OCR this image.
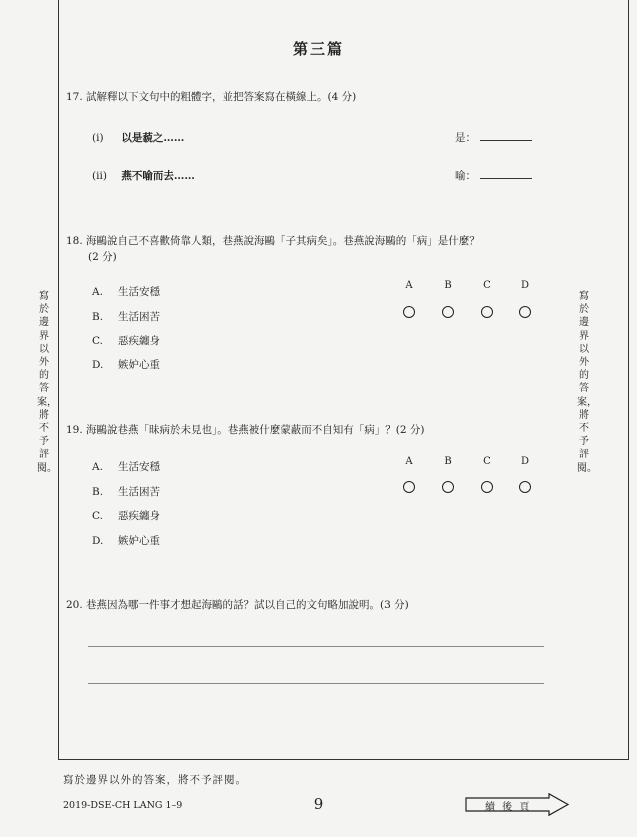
寫於邊界以外的答案，將不予評閱。
寫於邊界以外的答案，將不予評閱。
第三篇
17. 試解釋以下文句中的粗體字，並把答案寫在橫線上。(4 分)
(i) 以是藐之……	是：
(ii) 燕不喻而去……	喻：
18. 海鷗說自己不喜歡倚靠人類，巷燕說海鷗「子其病矣」。巷燕說海鷗的「病」是什麼？
(2 分)
A. 生活安穩
B. 生活困苦
C. 惡疾纏身
D. 嫉妒心重
A	B	C	D
19. 海鷗說巷燕「昧病於未見也」。巷燕被什麼蒙蔽而不自知有「病」？(2 分)
A. 生活安穩
B. 生活困苦
C. 惡疾纏身
D. 嫉妒心重
A	B	C	D
20. 巷燕因為哪一件事才想起海鷗的話？試以自己的文句略加說明。(3 分)
寫於邊界以外的答案，將不予評閱。
2019-DSE-CH LANG 1–9	9	續 後 頁
